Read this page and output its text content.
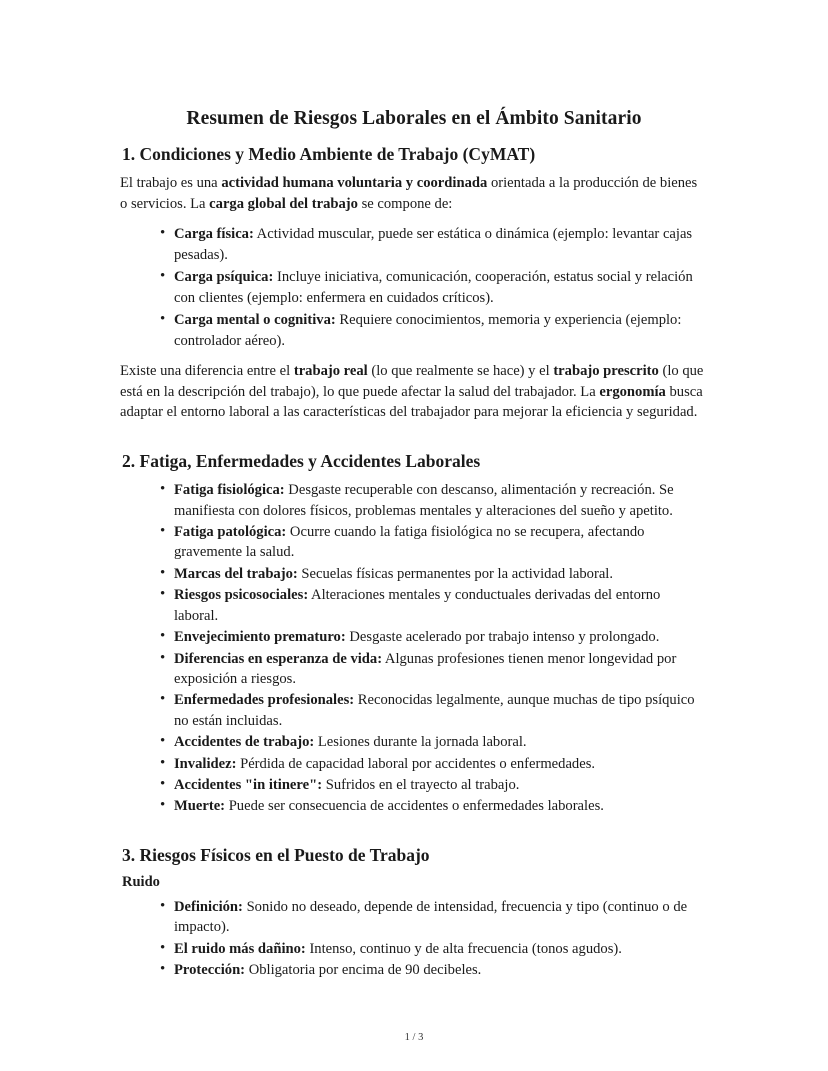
Resumen de Riesgos Laborales en el Ámbito Sanitario
1. Condiciones y Medio Ambiente de Trabajo (CyMAT)

El trabajo es una actividad humana voluntaria y coordinada orientada a la producción de bienes o servicios. La carga global del trabajo se compone de:

• Carga física: Actividad muscular, puede ser estática o dinámica (ejemplo: levantar cajas pesadas).
• Carga psíquica: Incluye iniciativa, comunicación, cooperación, estatus social y relación con clientes (ejemplo: enfermera en cuidados críticos).
• Carga mental o cognitiva: Requiere conocimientos, memoria y experiencia (ejemplo: controlador aéreo).

Existe una diferencia entre el trabajo real (lo que realmente se hace) y el trabajo prescrito (lo que está en la descripción del trabajo), lo que puede afectar la salud del trabajador. La ergonomía busca adaptar el entorno laboral a las características del trabajador para mejorar la eficiencia y seguridad.

2. Fatiga, Enfermedades y Accidentes Laborales
• Fatiga fisiológica: Desgaste recuperable con descanso, alimentación y recreación. Se manifiesta con dolores físicos, problemas mentales y alteraciones del sueño y apetito.
• Fatiga patológica: Ocurre cuando la fatiga fisiológica no se recupera, afectando gravemente la salud.
• Marcas del trabajo: Secuelas físicas permanentes por la actividad laboral.
• Riesgos psicosociales: Alteraciones mentales y conductuales derivadas del entorno laboral.
• Envejecimiento prematuro: Desgaste acelerado por trabajo intenso y prolongado.
• Diferencias en esperanza de vida: Algunas profesiones tienen menor longevidad por exposición a riesgos.
• Enfermedades profesionales: Reconocidas legalmente, aunque muchas de tipo psíquico no están incluidas.
• Accidentes de trabajo: Lesiones durante la jornada laboral.
• Invalidez: Pérdida de capacidad laboral por accidentes o enfermedades.
• Accidentes "in itinere": Sufridos en el trayecto al trabajo.
• Muerte: Puede ser consecuencia de accidentes o enfermedades laborales.
3. Riesgos Físicos en el Puesto de Trabajo
Ruido
• Definición: Sonido no deseado, depende de intensidad, frecuencia y tipo (continuo o de impacto).
• El ruido más dañino: Intenso, continuo y de alta frecuencia (tonos agudos).
• Protección: Obligatoria por encima de 90 decibeles.
1 / 3
